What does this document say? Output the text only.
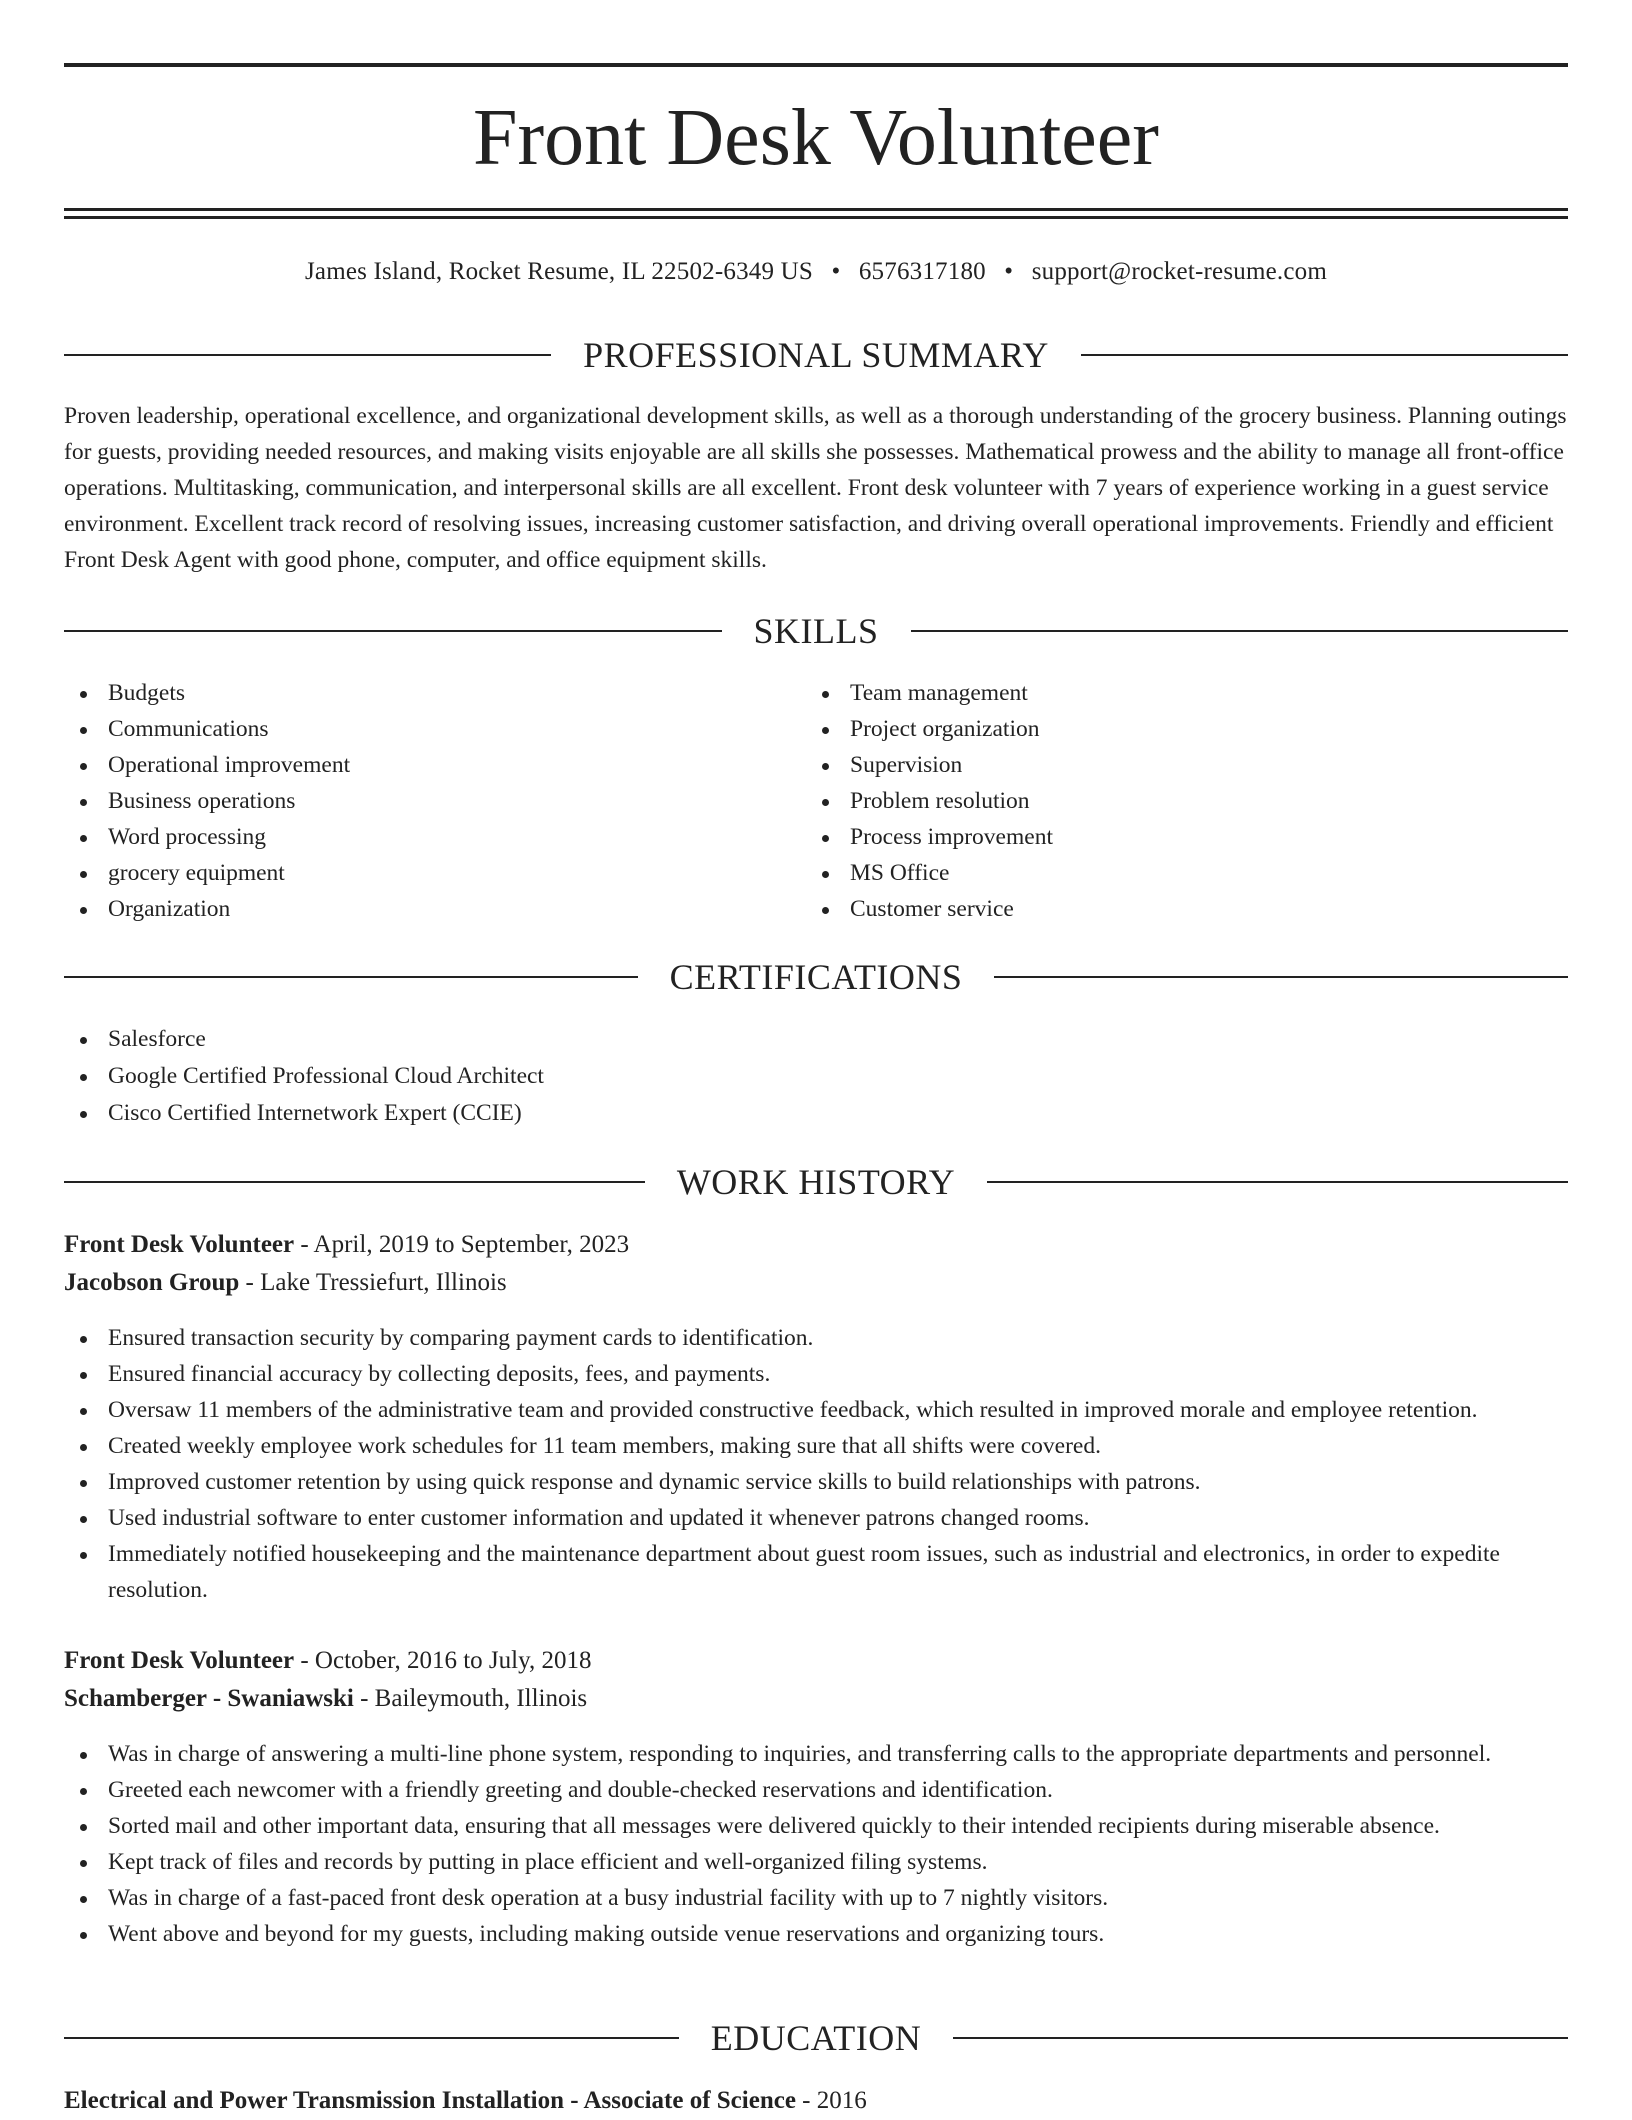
Front Desk Volunteer
James Island, Rocket Resume, IL 22502-6349 US • 6576317180 • support@rocket-resume.com
PROFESSIONAL SUMMARY

Proven leadership, operational excellence, and organizational development skills, as well as a thorough understanding of the grocery business. Planning outings for guests, providing needed resources, and making visits enjoyable are all skills she possesses. Mathematical prowess and the ability to manage all front-office operations. Multitasking, communication, and interpersonal skills are all excellent. Front desk volunteer with 7 years of experience working in a guest service environment. Excellent track record of resolving issues, increasing customer satisfaction, and driving overall operational improvements. Friendly and efficient Front Desk Agent with good phone, computer, and office equipment skills.

SKILLS
Budgets
Communications
Operational improvement
Business operations
Word processing
grocery equipment
Organization
Team management
Project organization
Supervision
Problem resolution
Process improvement
MS Office
Customer service
CERTIFICATIONS
Salesforce
Google Certified Professional Cloud Architect
Cisco Certified Internetwork Expert (CCIE)
WORK HISTORY
Front Desk Volunteer - April, 2019 to September, 2023
Jacobson Group - Lake Tressiefurt, Illinois
Ensured transaction security by comparing payment cards to identification.
Ensured financial accuracy by collecting deposits, fees, and payments.
Oversaw 11 members of the administrative team and provided constructive feedback, which resulted in improved morale and employee retention.
Created weekly employee work schedules for 11 team members, making sure that all shifts were covered.
Improved customer retention by using quick response and dynamic service skills to build relationships with patrons.
Used industrial software to enter customer information and updated it whenever patrons changed rooms.
Immediately notified housekeeping and the maintenance department about guest room issues, such as industrial and electronics, in order to expedite resolution.
Front Desk Volunteer - October, 2016 to July, 2018
Schamberger - Swaniawski - Baileymouth, Illinois
Was in charge of answering a multi-line phone system, responding to inquiries, and transferring calls to the appropriate departments and personnel.
Greeted each newcomer with a friendly greeting and double-checked reservations and identification.
Sorted mail and other important data, ensuring that all messages were delivered quickly to their intended recipients during miserable absence.
Kept track of files and records by putting in place efficient and well-organized filing systems.
Was in charge of a fast-paced front desk operation at a busy industrial facility with up to 7 nightly visitors.
Went above and beyond for my guests, including making outside venue reservations and organizing tours.
EDUCATION
Electrical and Power Transmission Installation - Associate of Science - 2016
